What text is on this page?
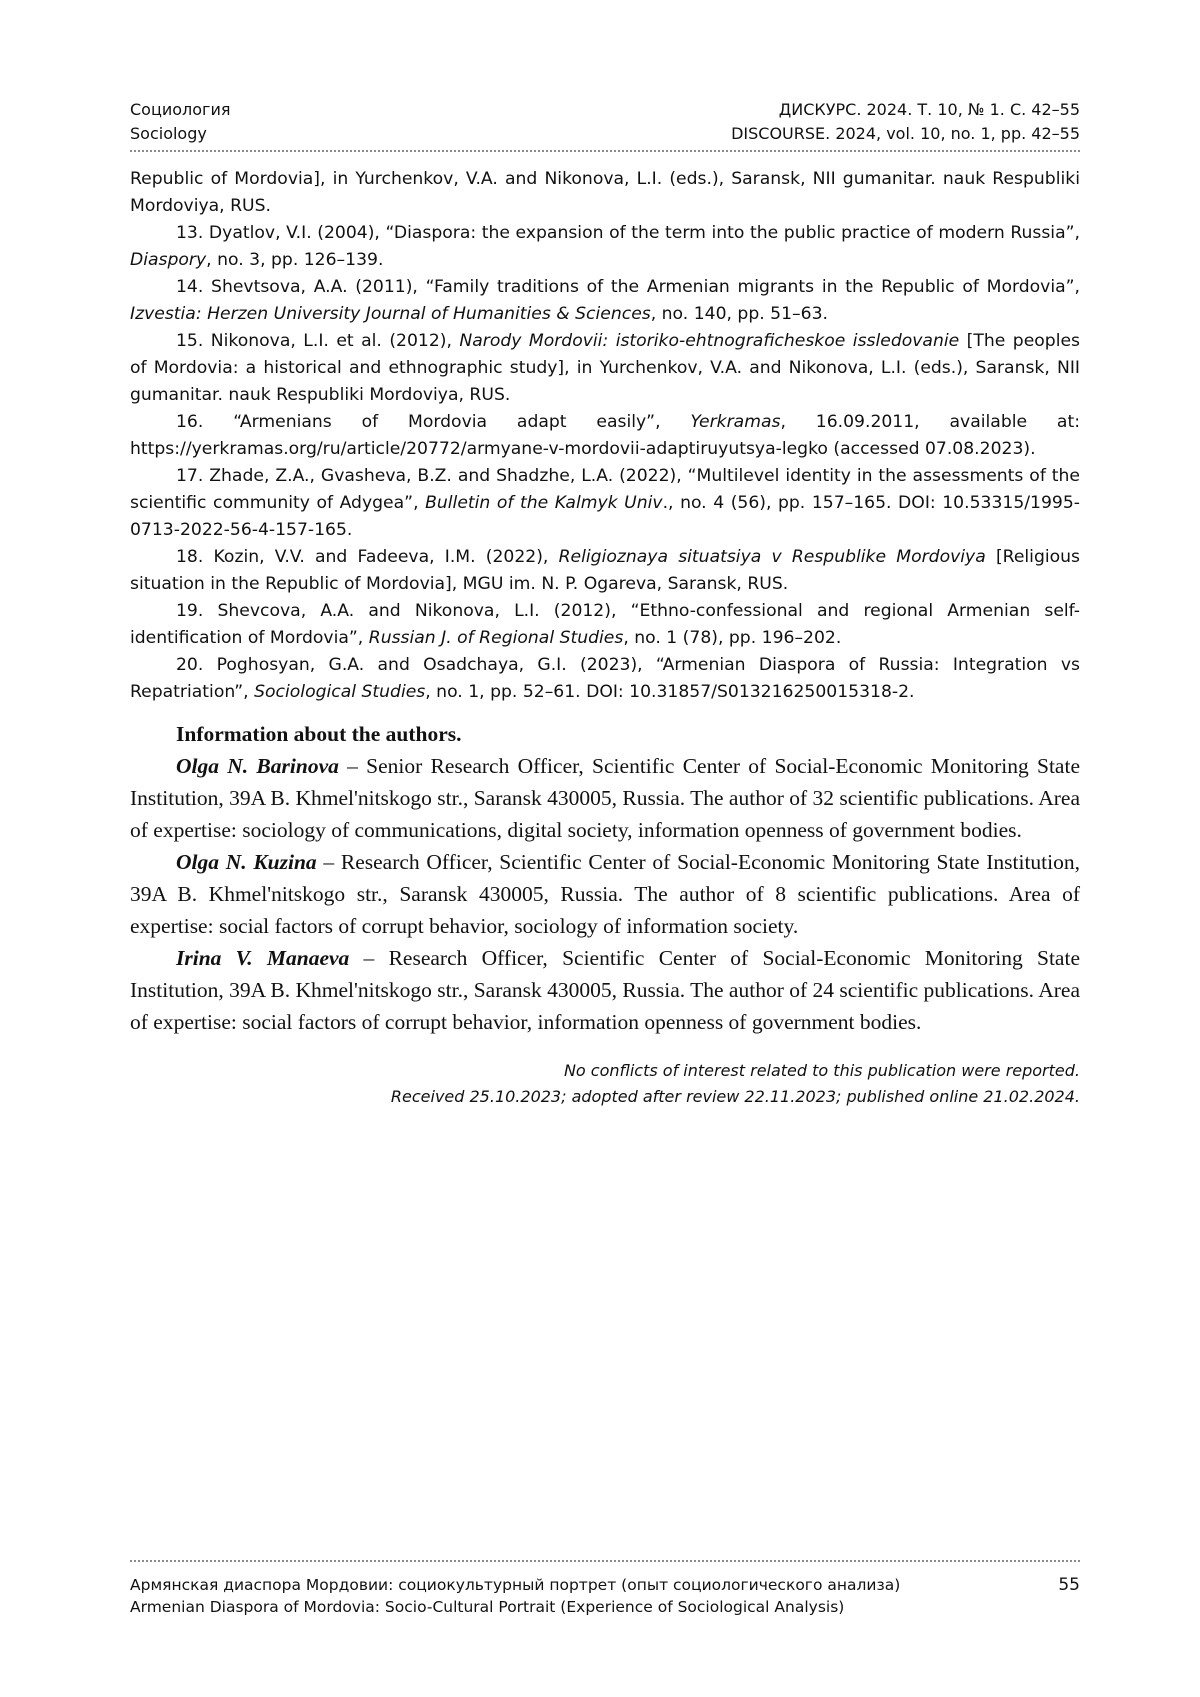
Социология
Sociology
ДИСКУРС. 2024. Т. 10, № 1. С. 42–55
DISCOURSE. 2024, vol. 10, no. 1, pp. 42–55

Republic of Mordovia], in Yurchenkov, V.A. and Nikonova, L.I. (eds.), Saransk, NII gumanitar. nauk Respubliki Mordoviya, RUS.

13. Dyatlov, V.I. (2004), “Diaspora: the expansion of the term into the public practice of modern Russia”, Diaspory, no. 3, pp. 126–139.

14. Shevtsova, A.A. (2011), “Family traditions of the Armenian migrants in the Republic of Mordovia”, Izvestia: Herzen University Journal of Humanities & Sciences, no. 140, pp. 51–63.

15. Nikonova, L.I. et al. (2012), Narody Mordovii: istoriko-ehtnograficheskoe issledovanie [The peoples of Mordovia: a historical and ethnographic study], in Yurchenkov, V.A. and Nikonova, L.I. (eds.), Saransk, NII gumanitar. nauk Respubliki Mordoviya, RUS.

16. “Armenians of Mordovia adapt easily”, Yerkramas, 16.09.2011, available at: https://yerkramas.org/ru/article/20772/armyane-v-mordovii-adaptiruyutsya-legko (accessed 07.08.2023).

17. Zhade, Z.A., Gvasheva, B.Z. and Shadzhe, L.A. (2022), “Multilevel identity in the assessments of the scientific community of Adygea”, Bulletin of the Kalmyk Univ., no. 4 (56), pp. 157–165. DOI: 10.53315/1995-0713-2022-56-4-157-165.

18. Kozin, V.V. and Fadeeva, I.M. (2022), Religioznaya situatsiya v Respublike Mordoviya [Religious situation in the Republic of Mordovia], MGU im. N. P. Ogareva, Saransk, RUS.

19. Shevcova, A.A. and Nikonova, L.I. (2012), “Ethno-confessional and regional Armenian self-identification of Mordovia”, Russian J. of Regional Studies, no. 1 (78), pp. 196–202.

20. Poghosyan, G.A. and Osadchaya, G.I. (2023), “Armenian Diaspora of Russia: Integration vs Repatriation”, Sociological Studies, no. 1, pp. 52–61. DOI: 10.31857/S013216250015318-2.

Information about the authors.

Olga N. Barinova – Senior Research Officer, Scientific Center of Social-Economic Monitoring State Institution, 39A B. Khmel'nitskogo str., Saransk 430005, Russia. The author of 32 scientific publications. Area of expertise: sociology of communications, digital society, information openness of government bodies.

Olga N. Kuzina – Research Officer, Scientific Center of Social-Economic Monitoring State Institution, 39A B. Khmel'nitskogo str., Saransk 430005, Russia. The author of 8 scientific publications. Area of expertise: social factors of corrupt behavior, sociology of information society.

Irina V. Manaeva – Research Officer, Scientific Center of Social-Economic Monitoring State Institution, 39A B. Khmel'nitskogo str., Saransk 430005, Russia. The author of 24 scientific publications. Area of expertise: social factors of corrupt behavior, information openness of government bodies.

No conflicts of interest related to this publication were reported.

Received 25.10.2023; adopted after review 22.11.2023; published online 21.02.2024.

Армянская диаспора Мордовии: социокультурный портрет (опыт социологического анализа)
Armenian Diaspora of Mordovia: Socio-Cultural Portrait (Experience of Sociological Analysis)
55
